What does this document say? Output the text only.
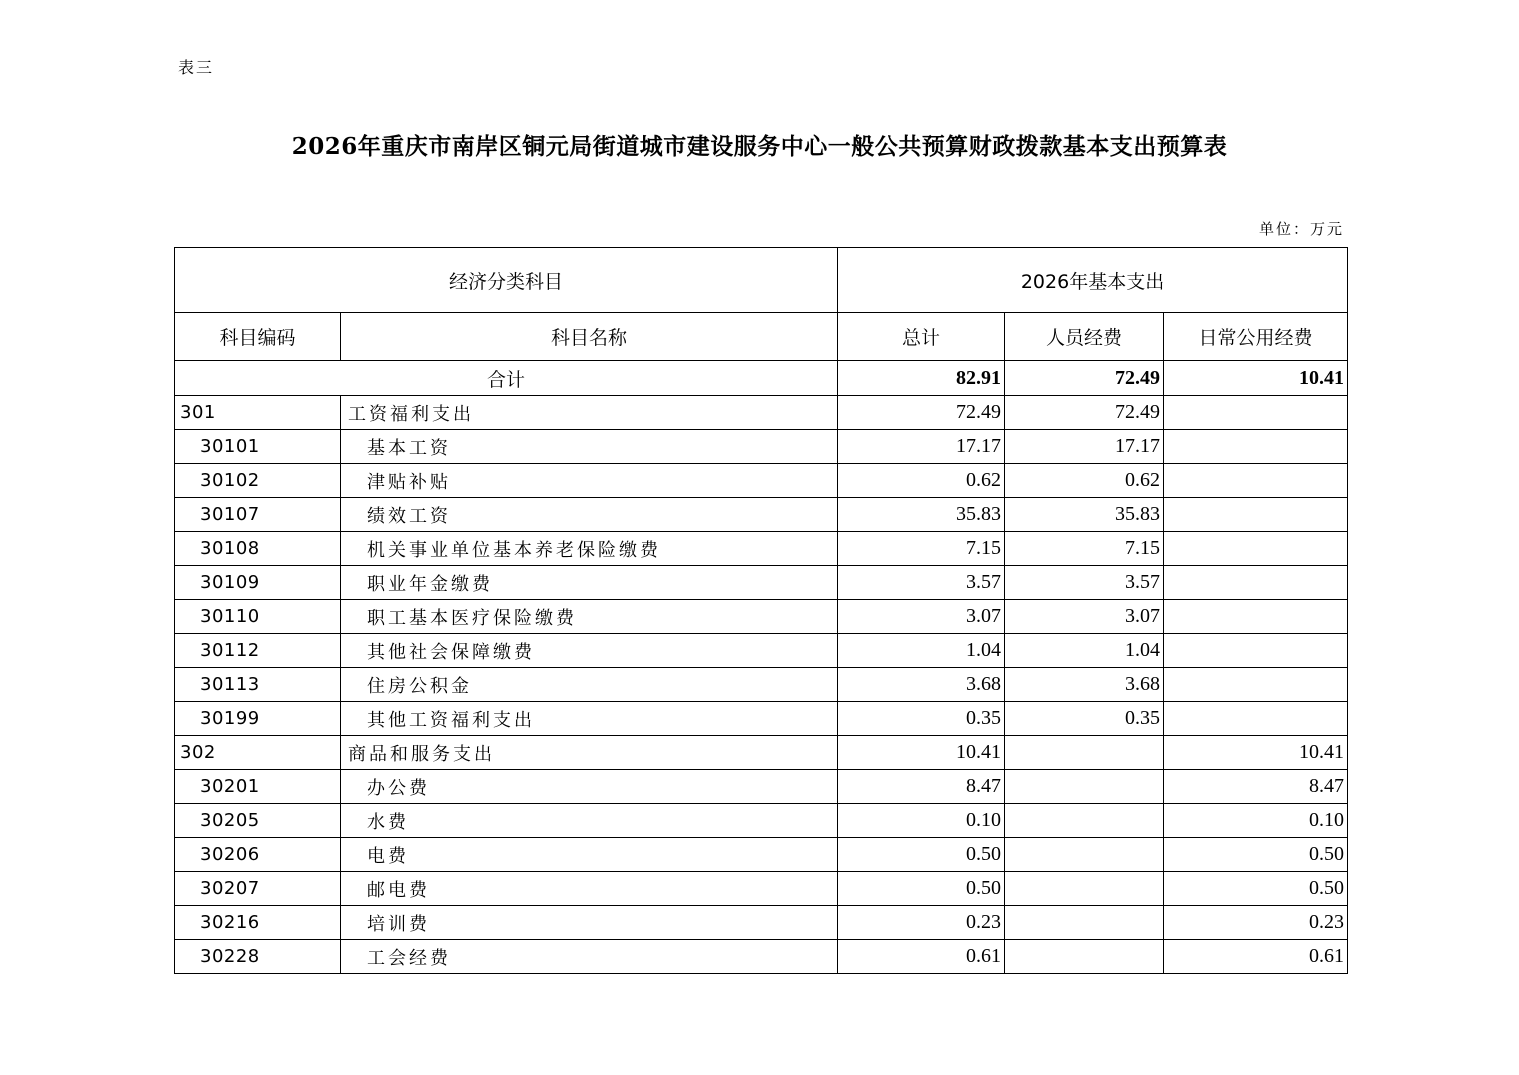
表三
2026年重庆市南岸区铜元局街道城市建设服务中心一般公共预算财政拨款基本支出预算表
单位：万元
经济分类科目		2026年基本支出		
科目编码	科目名称	总计	人员经费	日常公用经费
合计		82.91	72.49	10.41
301	工资福利支出	72.49	72.49	
30101	基本工资	17.17	17.17	
30102	津贴补贴	0.62	0.62	
30107	绩效工资	35.83	35.83	
30108	机关事业单位基本养老保险缴费	7.15	7.15	
30109	职业年金缴费	3.57	3.57	
30110	职工基本医疗保险缴费	3.07	3.07	
30112	其他社会保障缴费	1.04	1.04	
30113	住房公积金	3.68	3.68	
30199	其他工资福利支出	0.35	0.35	
302	商品和服务支出	10.41		10.41
30201	办公费	8.47		8.47
30205	水费	0.10		0.10
30206	电费	0.50		0.50
30207	邮电费	0.50		0.50
30216	培训费	0.23		0.23
30228	工会经费	0.61		0.61
